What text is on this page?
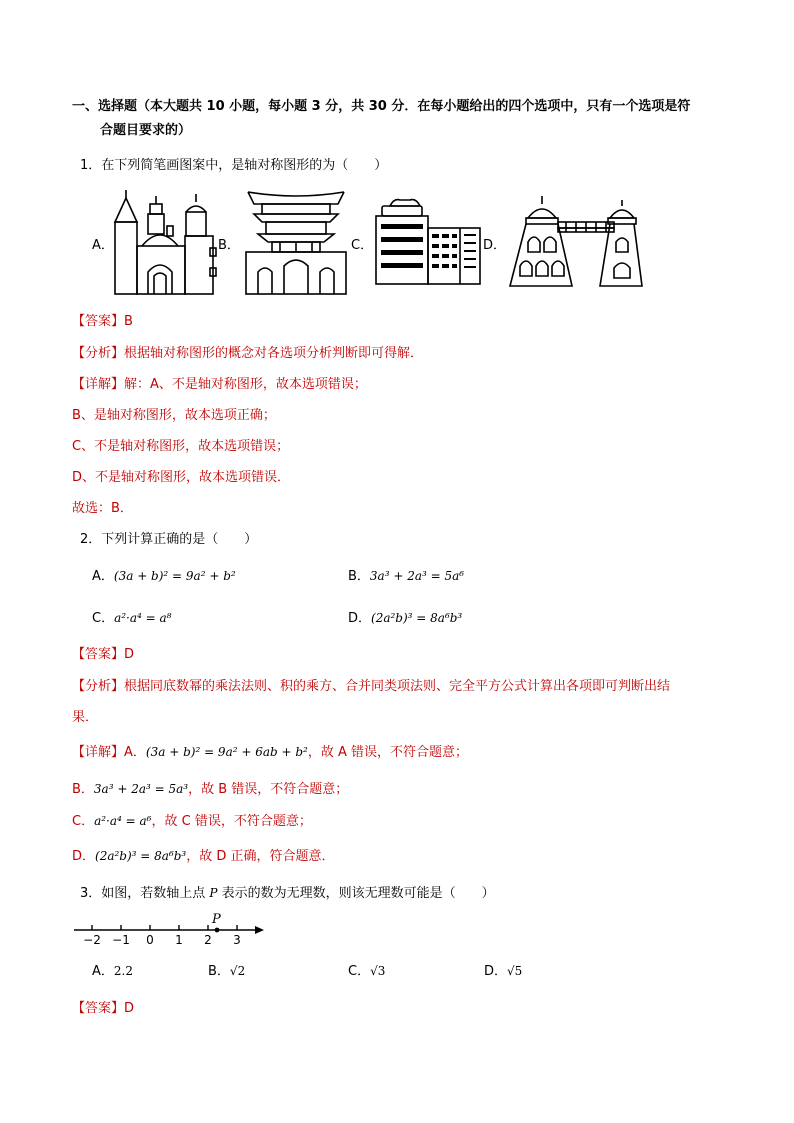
一、选择题（本大题共 10 小题，每小题 3 分，共 30 分．在每小题给出的四个选项中，只有一个选项是符
合题目要求的）
1．在下列简笔画图案中，是轴对称图形的为（　　）
A．	B．	C．	D．
【答案】B
【分析】根据轴对称图形的概念对各选项分析判断即可得解．
【详解】解：A、不是轴对称图形，故本选项错误；
B、是轴对称图形，故本选项正确；
C、不是轴对称图形，故本选项错误；
D、不是轴对称图形，故本选项错误．
故选：B．
2．下列计算正确的是（　　）
A．(3a + b)² = 9a² + b²	B．3a³ + 2a³ = 5a⁶
C．a²·a⁴ = a⁸	D．(2a²b)³ = 8a⁶b³
【答案】D
【分析】根据同底数幂的乘法法则、积的乘方、合并同类项法则、完全平方公式计算出各项即可判断出结
果．
【详解】A．(3a + b)² = 9a² + 6ab + b²，故 A 错误，不符合题意；
B．3a³ + 2a³ = 5a³，故 B 错误，不符合题意；
C．a²·a⁴ = a⁶，故 C 错误，不符合题意；
D．(2a²b)³ = 8a⁶b³，故 D 正确，符合题意．
3．如图，若数轴上点 P 表示的数为无理数，则该无理数可能是（　　）
P
−2 −1 0 1 2 3
A．2.2	B．√2	C．√3	D．√5
【答案】D
